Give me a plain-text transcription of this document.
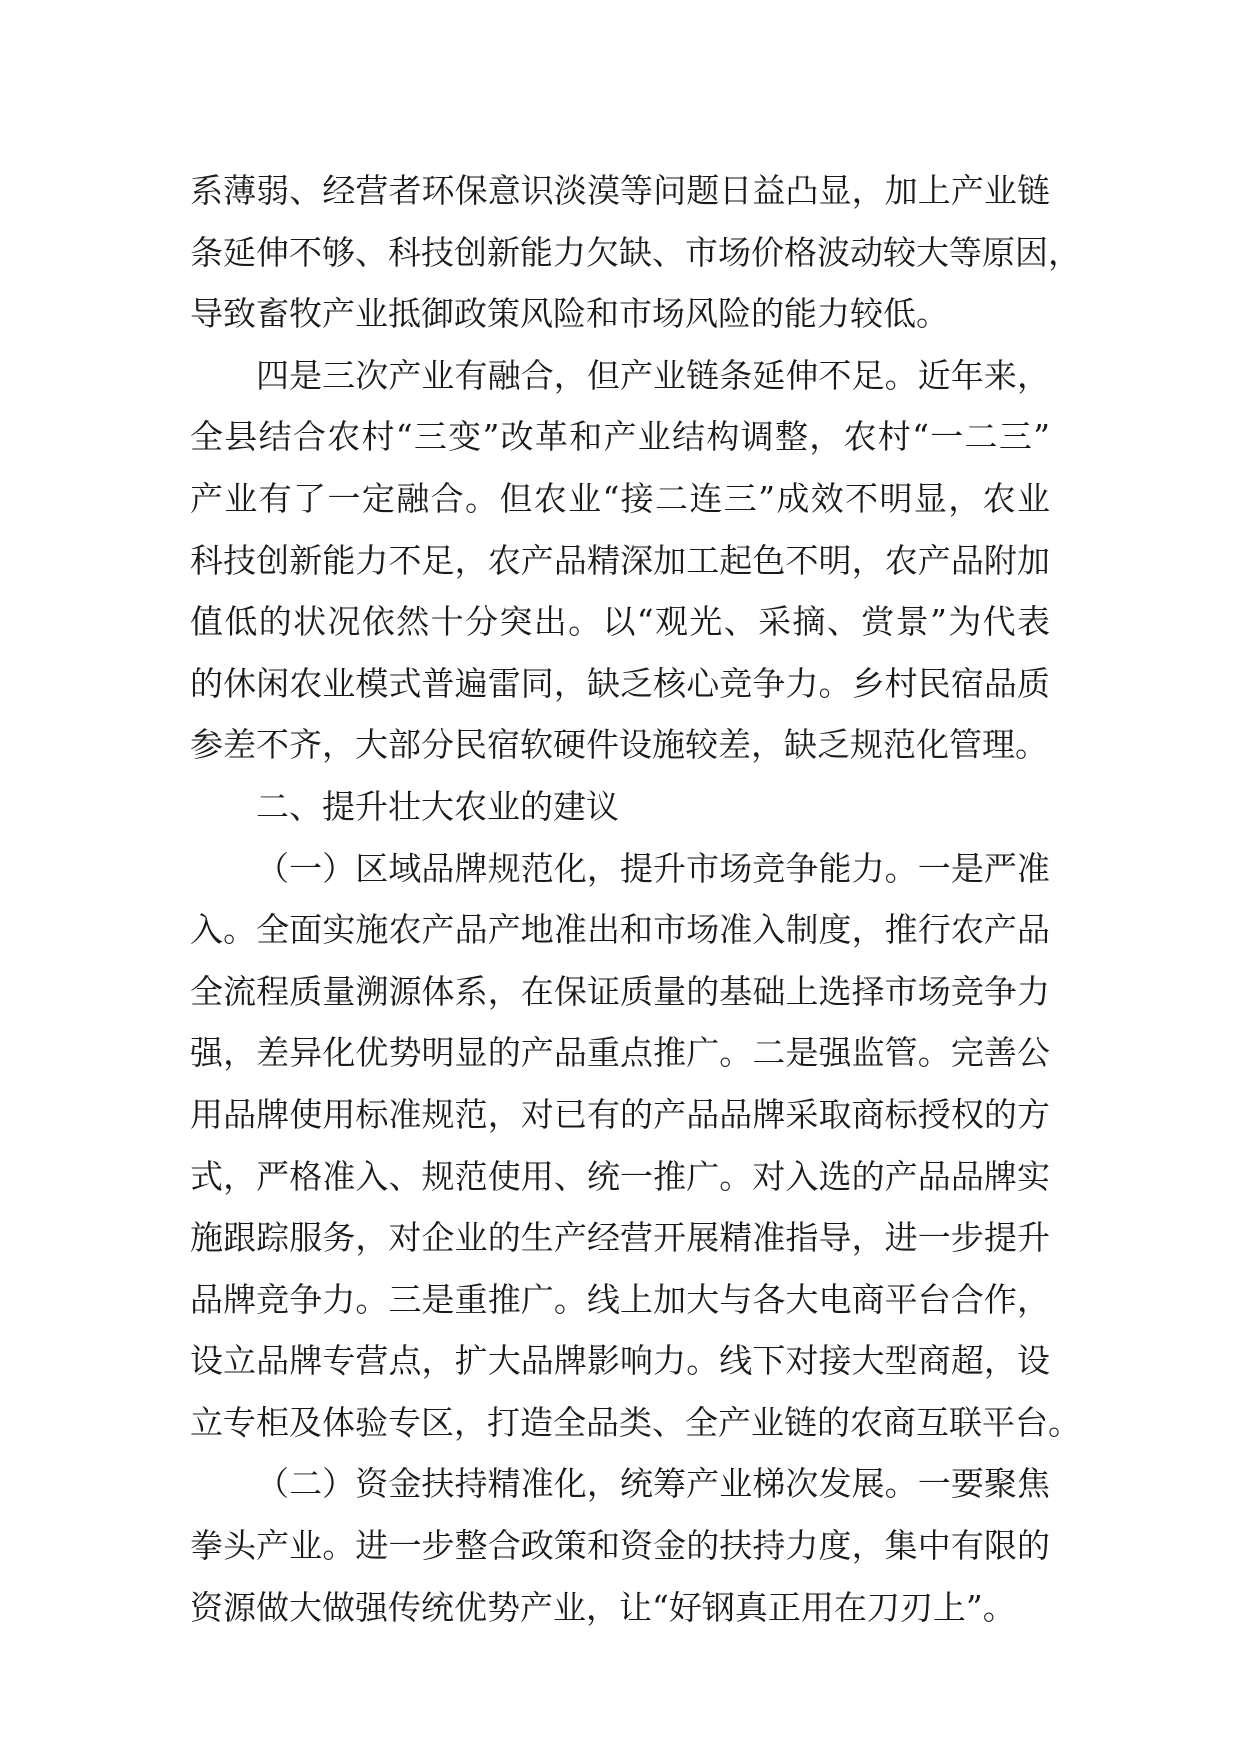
系薄弱、经营者环保意识淡漠等问题日益凸显，加上产业链
条延伸不够、科技创新能力欠缺、市场价格波动较大等原因，
导致畜牧产业抵御政策风险和市场风险的能力较低。
四是三次产业有融合，但产业链条延伸不足。近年来，
全县结合农村“三变”改革和产业结构调整，农村“一二三”
产业有了一定融合。但农业“接二连三”成效不明显，农业
科技创新能力不足，农产品精深加工起色不明，农产品附加
值低的状况依然十分突出。以“观光、采摘、赏景”为代表
的休闲农业模式普遍雷同，缺乏核心竞争力。乡村民宿品质
参差不齐，大部分民宿软硬件设施较差，缺乏规范化管理。
二、提升壮大农业的建议
（一）区域品牌规范化，提升市场竞争能力。一是严准
入。全面实施农产品产地准出和市场准入制度，推行农产品
全流程质量溯源体系，在保证质量的基础上选择市场竞争力
强，差异化优势明显的产品重点推广。二是强监管。完善公
用品牌使用标准规范，对已有的产品品牌采取商标授权的方
式，严格准入、规范使用、统一推广。对入选的产品品牌实
施跟踪服务，对企业的生产经营开展精准指导，进一步提升
品牌竞争力。三是重推广。线上加大与各大电商平台合作，
设立品牌专营点，扩大品牌影响力。线下对接大型商超，设
立专柜及体验专区，打造全品类、全产业链的农商互联平台。
（二）资金扶持精准化，统筹产业梯次发展。一要聚焦
拳头产业。进一步整合政策和资金的扶持力度，集中有限的
资源做大做强传统优势产业，让“好钢真正用在刀刃上”。
